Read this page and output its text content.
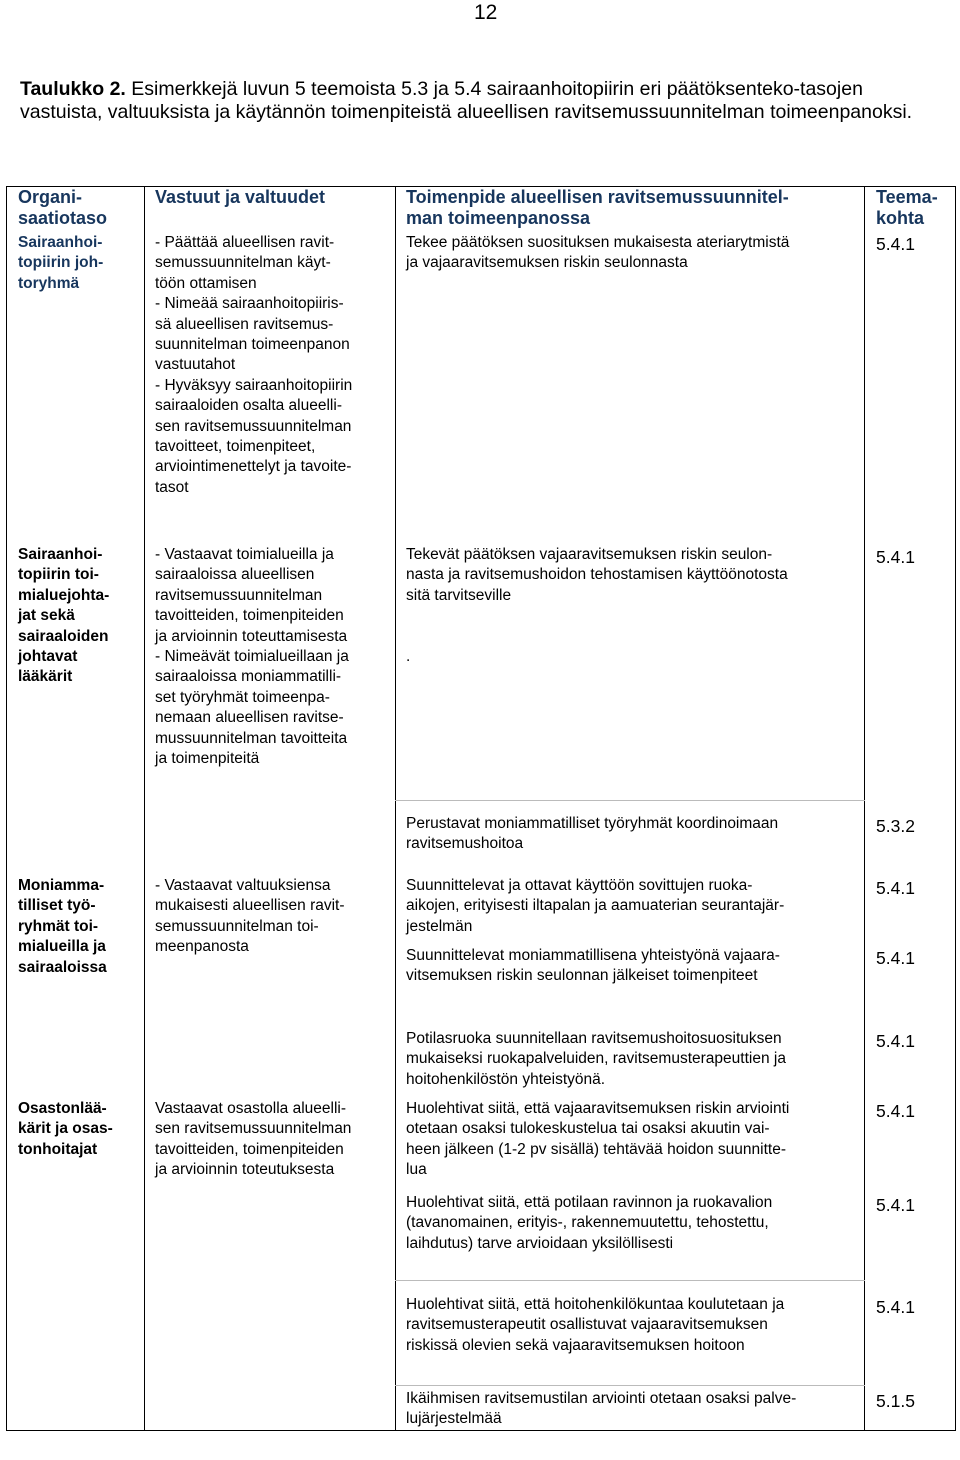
12
Taulukko 2. Esimerkkejä luvun 5 teemoista 5.3 ja 5.4 sairaanhoitopiirin eri päätöksenteko-tasojen vastuista, valtuuksista ja käytännön toimenpiteistä alueellisen ravitsemussuunnitelman toimeenpanoksi.
Organi-
saatiotaso
Vastuut ja valtuudet	Toimenpide alueellisen ravitsemussuunnitel-
man toimeenpanossa
Teema-
kohta
Sairaanhoi-
topiirin joh-
toryhmä
- Päättää alueellisen ravit-
semussuunnitelman käyt-
töön ottamisen
- Nimeää sairaanhoitopiiris-
sä alueellisen ravitsemus-
suunnitelman toimeenpanon
vastuutahot
- Hyväksyy sairaanhoitopiirin
sairaaloiden osalta alueelli-
sen ravitsemussuunnitelman
tavoitteet, toimenpiteet,
arviointimenettelyt ja tavoite-
tasot
Tekee päätöksen suosituksen mukaisesta ateriarytmistä
ja vajaaravitsemuksen riskin seulonnasta
5.4.1
Sairaanhoi-
topiirin toi-
mialuejohta-
jat sekä
sairaaloiden
johtavat
lääkärit
- Vastaavat toimialueilla ja
sairaaloissa alueellisen
ravitsemussuunnitelman
tavoitteiden, toimenpiteiden
ja arvioinnin toteuttamisesta
- Nimeävät toimialueillaan ja
sairaaloissa moniammatilli-
set työryhmät toimeenpa-
nemaan alueellisen ravitse-
mussuunnitelman tavoitteita
ja toimenpiteitä
Tekevät päätöksen vajaaravitsemuksen riskin seulon-
nasta ja ravitsemushoidon tehostamisen käyttöönotosta
sitä tarvitseville
.
5.4.1
Perustavat moniammatilliset työryhmät koordinoimaan
ravitsemushoitoa
5.3.2
Moniamma-
tilliset työ-
ryhmät toi-
mialueilla ja
sairaaloissa
- Vastaavat valtuuksiensa
mukaisesti alueellisen ravit-
semussuunnitelman toi-
meenpanosta
Suunnittelevat ja ottavat käyttöön sovittujen ruoka-
aikojen, erityisesti iltapalan ja aamuaterian seurantajär-
jestelmän
5.4.1
Suunnittelevat moniammatillisena yhteistyönä vajaara-
vitsemuksen riskin seulonnan jälkeiset toimenpiteet
5.4.1
Potilasruoka suunnitellaan ravitsemushoitosuosituksen
mukaiseksi ruokapalveluiden, ravitsemusterapeuttien ja
hoitohenkilöstön yhteistyönä.
5.4.1
Osastonlää-
kärit ja osas-
tonhoitajat
Vastaavat osastolla alueelli-
sen ravitsemussuunnitelman
tavoitteiden, toimenpiteiden
ja arvioinnin toteutuksesta
Huolehtivat siitä, että vajaaravitsemuksen riskin arviointi
otetaan osaksi tulokeskustelua tai osaksi akuutin vai-
heen jälkeen (1-2 pv sisällä) tehtävää hoidon suunnitte-
lua
5.4.1
Huolehtivat siitä, että potilaan ravinnon ja ruokavalion
(tavanomainen, erityis-, rakennemuutettu, tehostettu,
laihdutus) tarve arvioidaan yksilöllisesti
5.4.1
Huolehtivat siitä, että hoitohenkilökuntaa koulutetaan ja
ravitsemusterapeutit osallistuvat vajaaravitsemuksen
riskissä olevien sekä vajaaravitsemuksen hoitoon
5.4.1
Ikäihmisen ravitsemustilan arviointi otetaan osaksi palve-
lujärjestelmää
5.1.5
